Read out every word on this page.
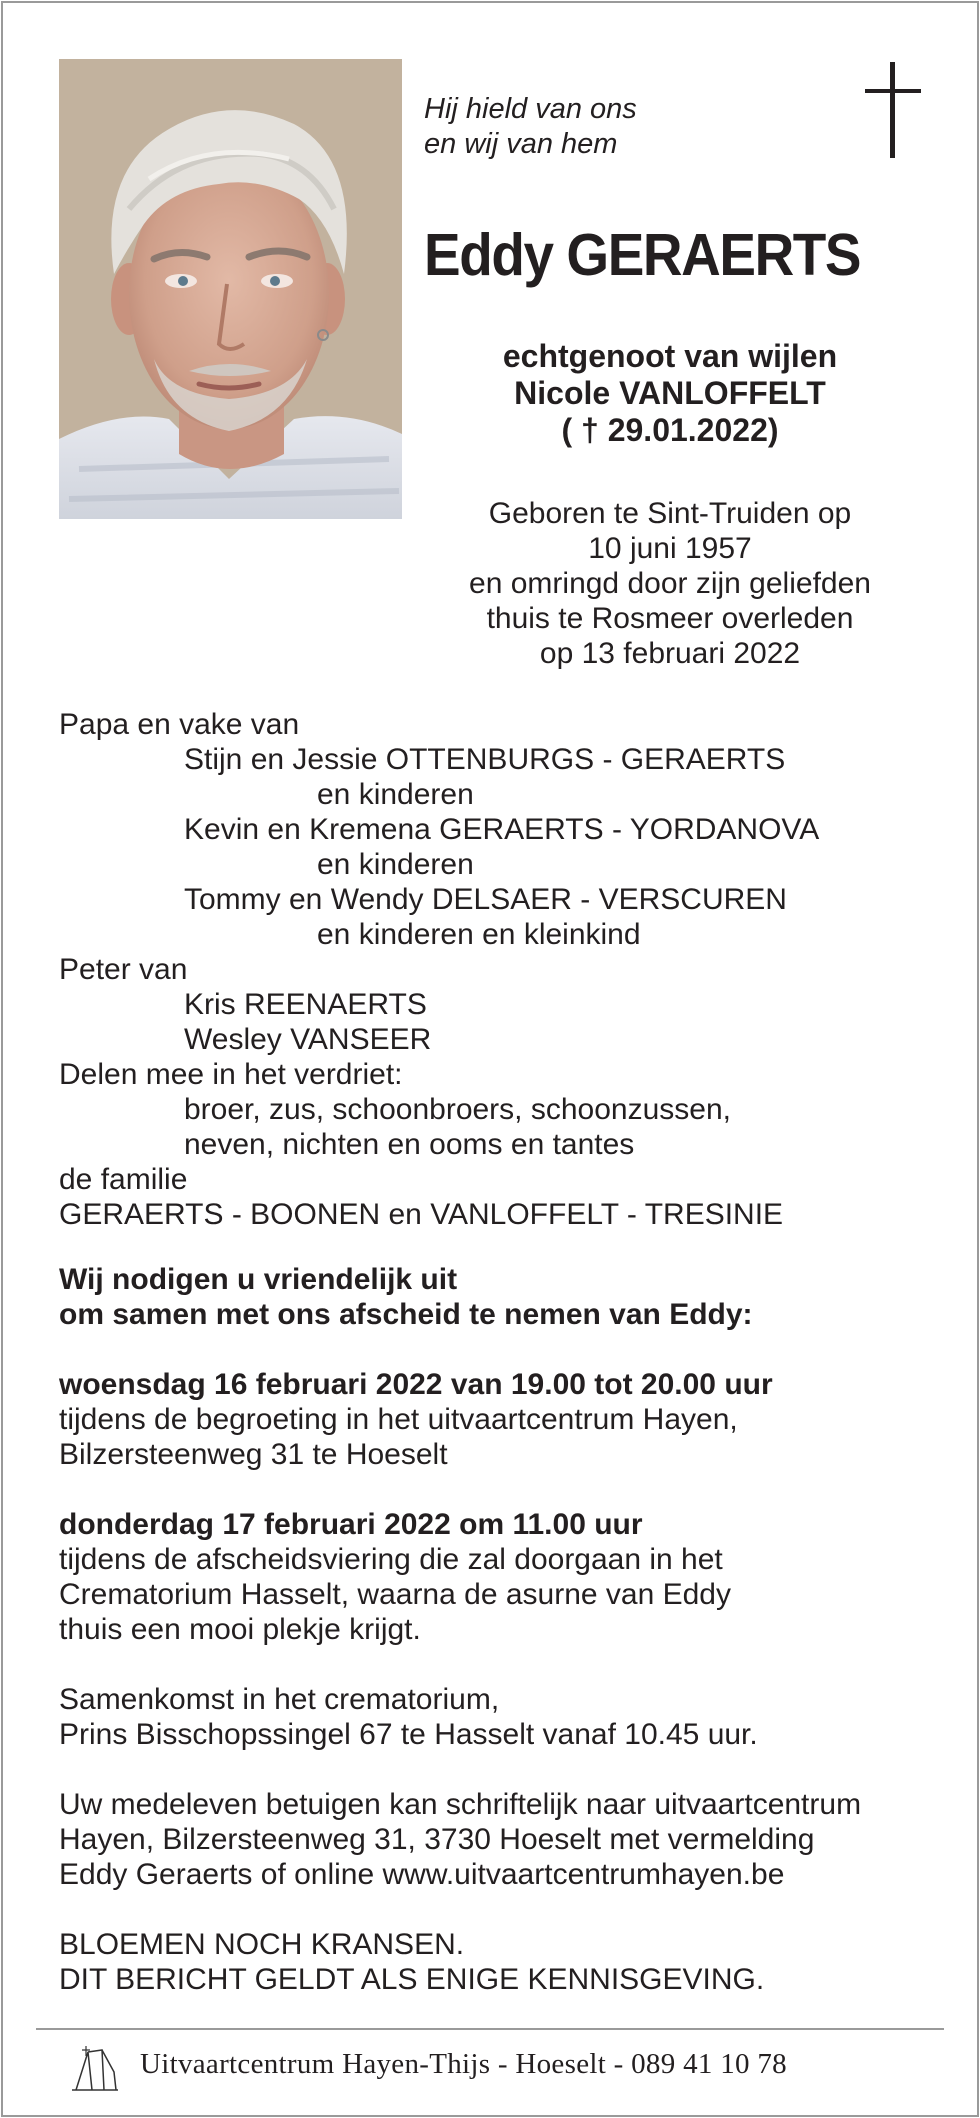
Hij hield van ons
en wij van hem
Eddy GERAERTS
echtgenoot van wijlen
Nicole VANLOFFELT
( † 29.01.2022)
Geboren te Sint-Truiden op
10 juni 1957
en omringd door zijn geliefden
thuis te Rosmeer overleden
op 13 februari 2022
Papa en vake van
Stijn en Jessie OTTENBURGS - GERAERTS
en kinderen
Kevin en Kremena GERAERTS - YORDANOVA
en kinderen
Tommy en Wendy DELSAER - VERSCUREN
en kinderen en kleinkind
Peter van
Kris REENAERTS
Wesley VANSEER
Delen mee in het verdriet:
broer, zus, schoonbroers, schoonzussen,
neven, nichten en ooms en tantes
de familie
GERAERTS - BOONEN en VANLOFFELT - TRESINIE
Wij nodigen u vriendelijk uit
om samen met ons afscheid te nemen van Eddy:
woensdag 16 februari 2022 van 19.00 tot 20.00 uur
tijdens de begroeting in het uitvaartcentrum Hayen,
Bilzersteenweg 31 te Hoeselt
donderdag 17 februari 2022 om 11.00 uur
tijdens de afscheidsviering die zal doorgaan in het
Crematorium Hasselt, waarna de asurne van Eddy
thuis een mooi plekje krijgt.
Samenkomst in het crematorium,
Prins Bisschopssingel 67 te Hasselt vanaf 10.45 uur.
Uw medeleven betuigen kan schriftelijk naar uitvaartcentrum
Hayen, Bilzersteenweg 31, 3730 Hoeselt met vermelding
Eddy Geraerts of online www.uitvaartcentrumhayen.be
BLOEMEN NOCH KRANSEN.
DIT BERICHT GELDT ALS ENIGE KENNISGEVING.
Uitvaartcentrum Hayen-Thijs - Hoeselt - 089 41 10 78
